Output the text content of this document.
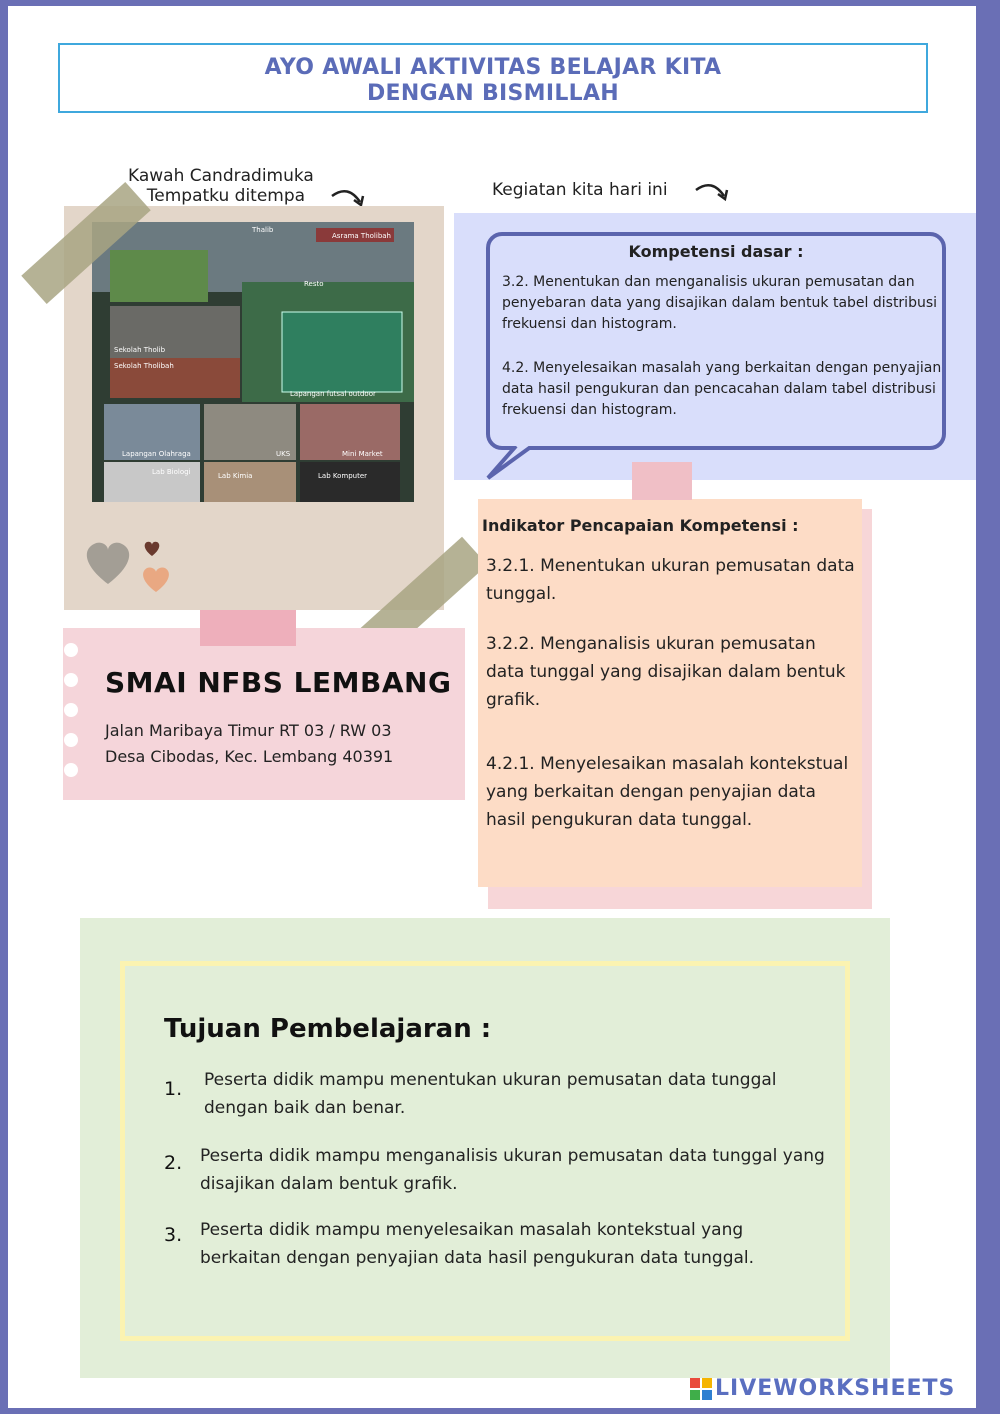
AYO AWALI AKTIVITAS BELAJAR KITA
DENGAN BISMILLAH
Kawah Candradimuka
Tempatku ditempa
Thalib
Asrama Tholibah
Resto
Sekolah Tholib
Sekolah Tholibah
Lapangan futsal outdoor
Lapangan Olahraga	UKS	Mini Market
Lab Biologi	Lab Kimia	Lab Komputer
Kegiatan kita hari ini
Kompetensi dasar :
3.2. Menentukan dan menganalisis ukuran pemusatan dan penyebaran data yang disajikan dalam bentuk tabel distribusi frekuensi dan histogram.
4.2. Menyelesaikan masalah yang berkaitan dengan penyajian data hasil pengukuran dan pencacahan dalam tabel distribusi frekuensi dan histogram.
Indikator Pencapaian Kompetensi :
3.2.1. Menentukan ukuran pemusatan data tunggal.
3.2.2. Menganalisis ukuran pemusatan data tunggal yang disajikan dalam bentuk grafik.
4.2.1. Menyelesaikan masalah kontekstual yang berkaitan dengan penyajian data hasil pengukuran data tunggal.
SMAI NFBS LEMBANG
Jalan Maribaya Timur RT 03 / RW 03
Desa Cibodas, Kec. Lembang 40391
Tujuan Pembelajaran :
1. Peserta didik mampu menentukan ukuran pemusatan data tunggal dengan baik dan benar.
2. Peserta didik mampu menganalisis ukuran pemusatan data tunggal yang disajikan dalam bentuk grafik.
3. Peserta didik mampu menyelesaikan masalah kontekstual yang berkaitan dengan penyajian data hasil pengukuran data tunggal.
LIVEWORKSHEETS
